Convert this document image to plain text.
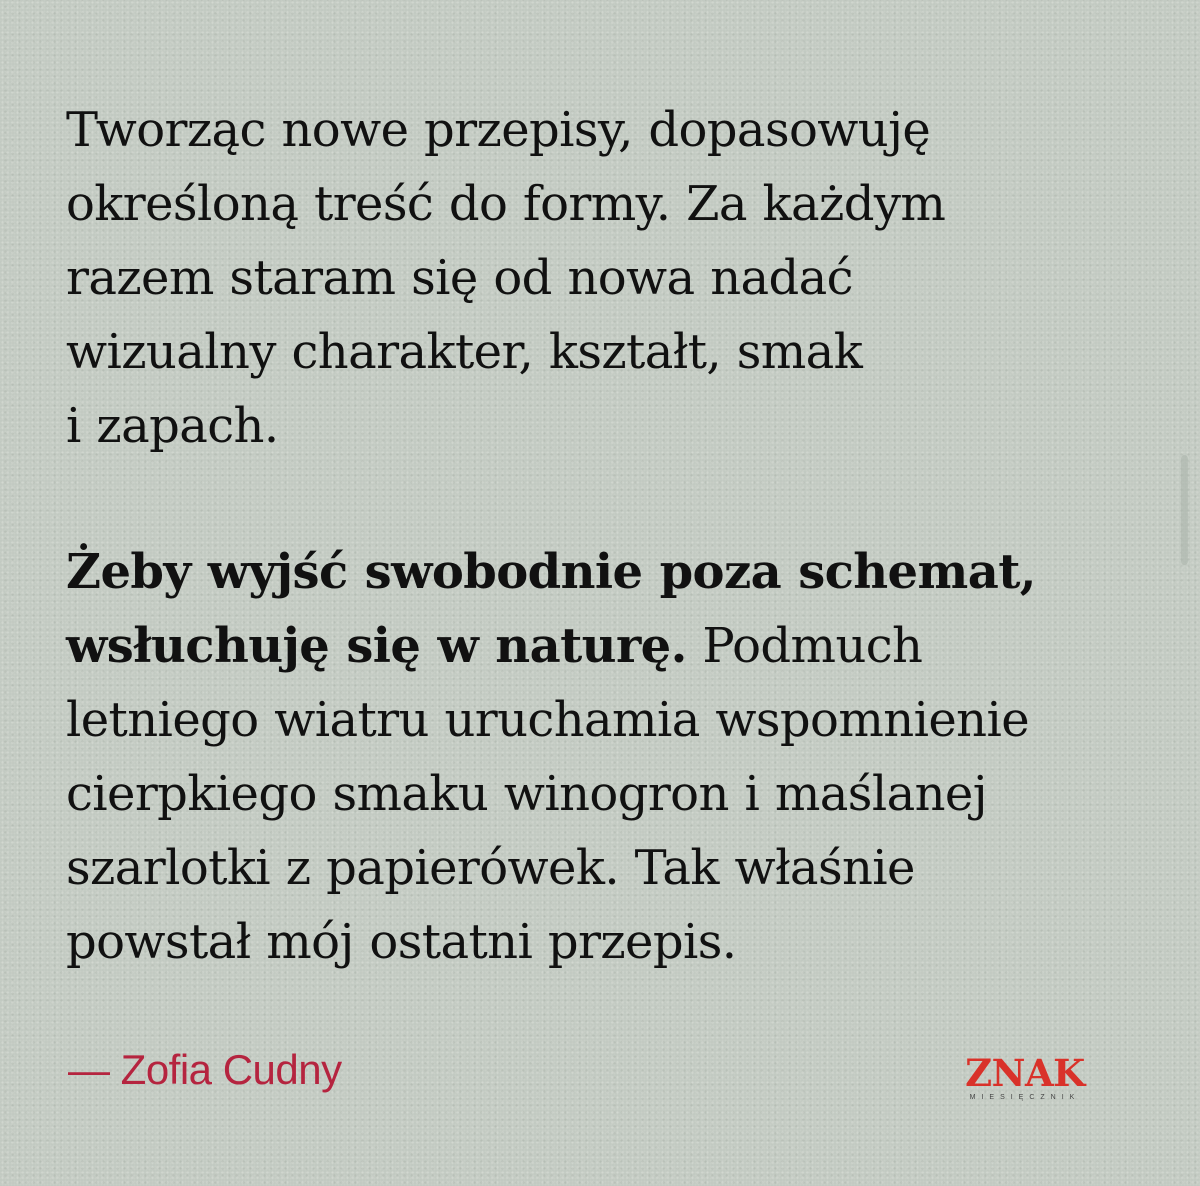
Tworząc nowe przepisy, dopasowuję
określoną treść do formy. Za każdym
razem staram się od nowa nadać
wizualny charakter, kształt, smak
i zapach.

Żeby wyjść swobodnie poza schemat,
wsłuchuję się w naturę. Podmuch
letniego wiatru uruchamia wspomnienie
cierpkiego smaku winogron i maślanej
szarlotki z papierówek. Tak właśnie
powstał mój ostatni przepis.

— Zofia Cudny	ZNAK
MIESIĘCZNIK
